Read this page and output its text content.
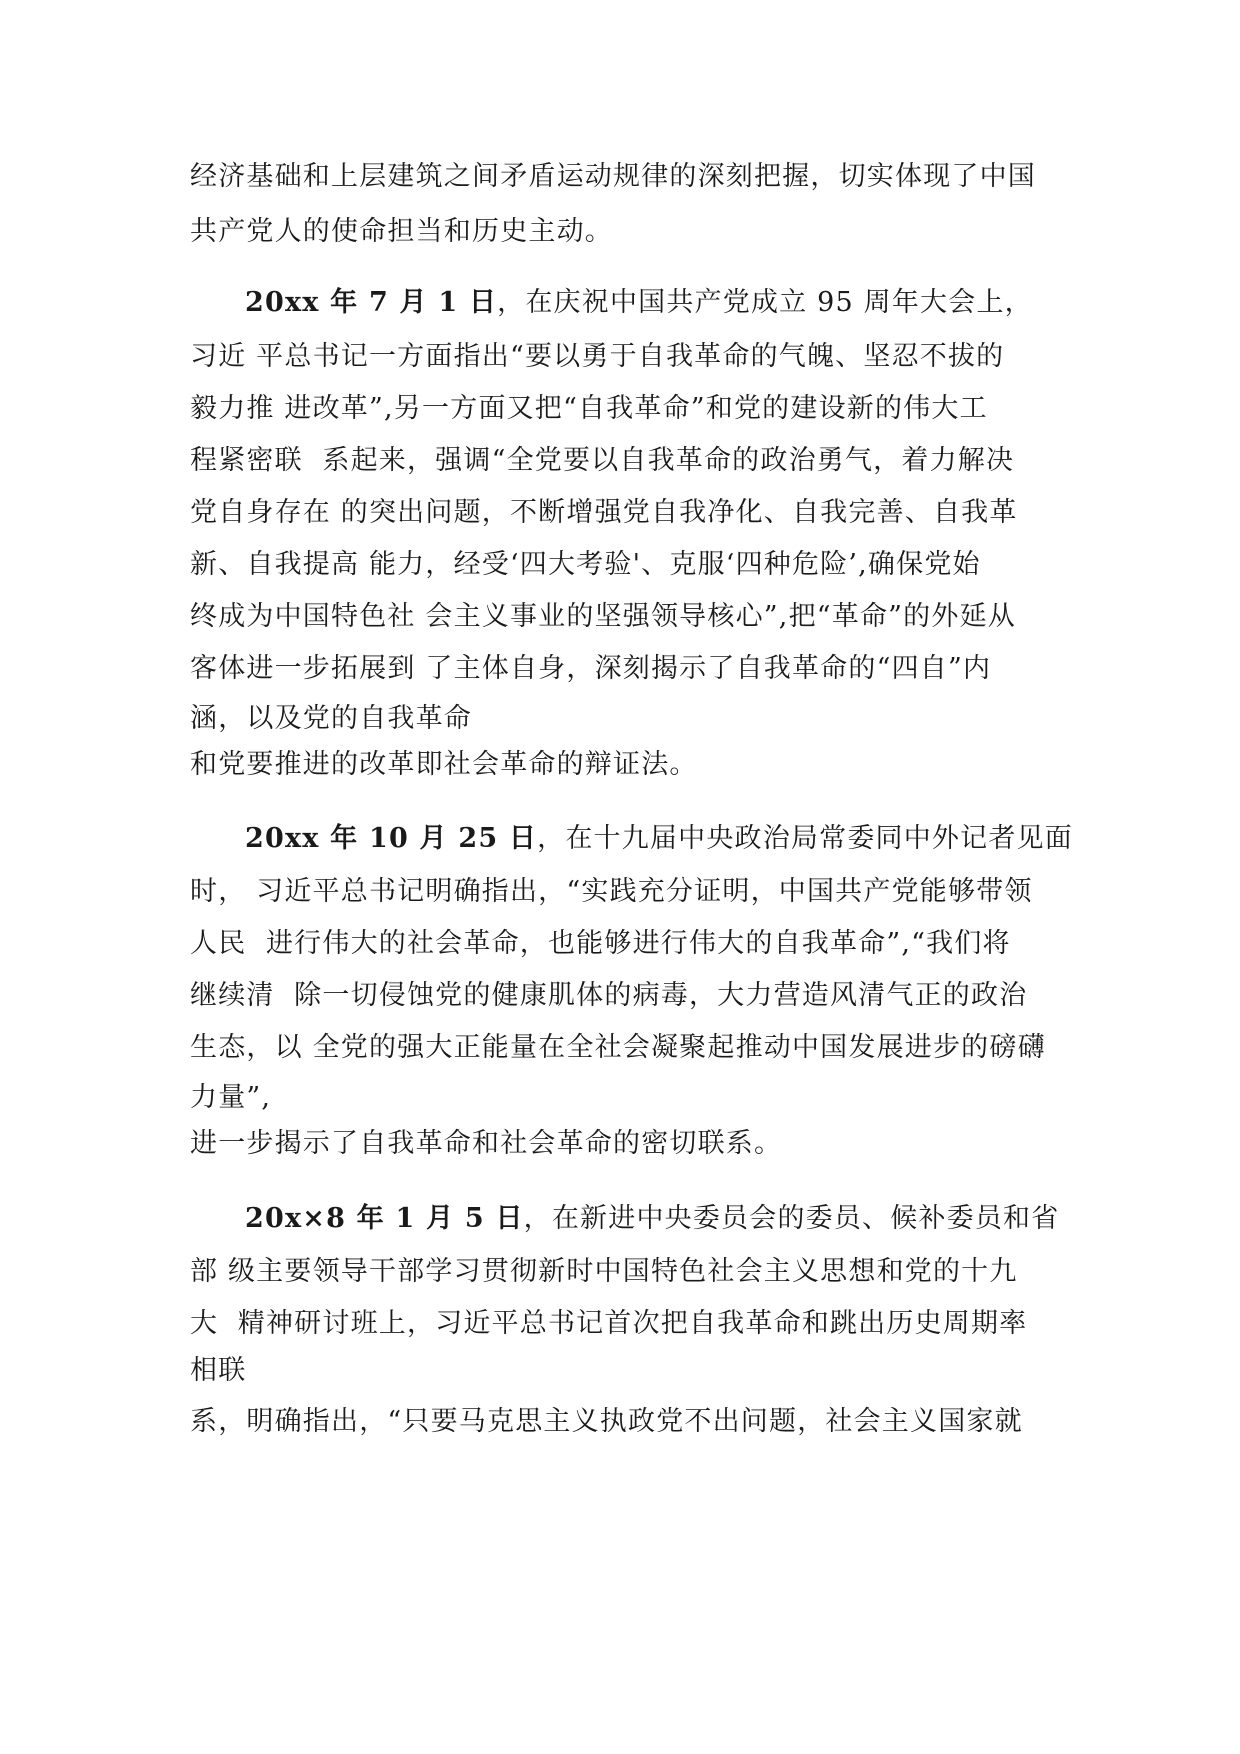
经济基础和上层建筑之间矛盾运动规律的深刻把握，切实体现了中国
共产党人的使命担当和历史主动。
20xx 年 7 月 1 日，在庆祝中国共产党成立 95 周年大会上，
习近 平总书记一方面指出“要以勇于自我革命的气魄、坚忍不拔的
毅力推 进改革”,另一方面又把“自我革命”和党的建设新的伟大工
程紧密联  系起来，强调“全党要以自我革命的政治勇气，着力解决
党自身存在 的突出问题，不断增强党自我净化、自我完善、自我革
新、自我提高 能力，经受‘四大考验'、克服‘四种危险’,确保党始
终成为中国特色社 会主义事业的坚强领导核心”,把“革命”的外延从
客体进一步拓展到 了主体自身，深刻揭示了自我革命的“四自”内
涵，以及党的自我革命
和党要推进的改革即社会革命的辩证法。
20xx 年 10 月 25 日，在十九届中央政治局常委同中外记者见面
时， 习近平总书记明确指出，“实践充分证明，中国共产党能够带领
人民  进行伟大的社会革命，也能够进行伟大的自我革命”,“我们将
继续清  除一切侵蚀党的健康肌体的病毒，大力营造风清气正的政治
生态，以 全党的强大正能量在全社会凝聚起推动中国发展进步的磅礴
力量”,
进一步揭示了自我革命和社会革命的密切联系。
20x×8 年 1 月 5 日，在新进中央委员会的委员、候补委员和省
部 级主要领导干部学习贯彻新时中国特色社会主义思想和党的十九
大  精神研讨班上，习近平总书记首次把自我革命和跳出历史周期率
相联
系，明确指出，“只要马克思主义执政党不出问题，社会主义国家就
